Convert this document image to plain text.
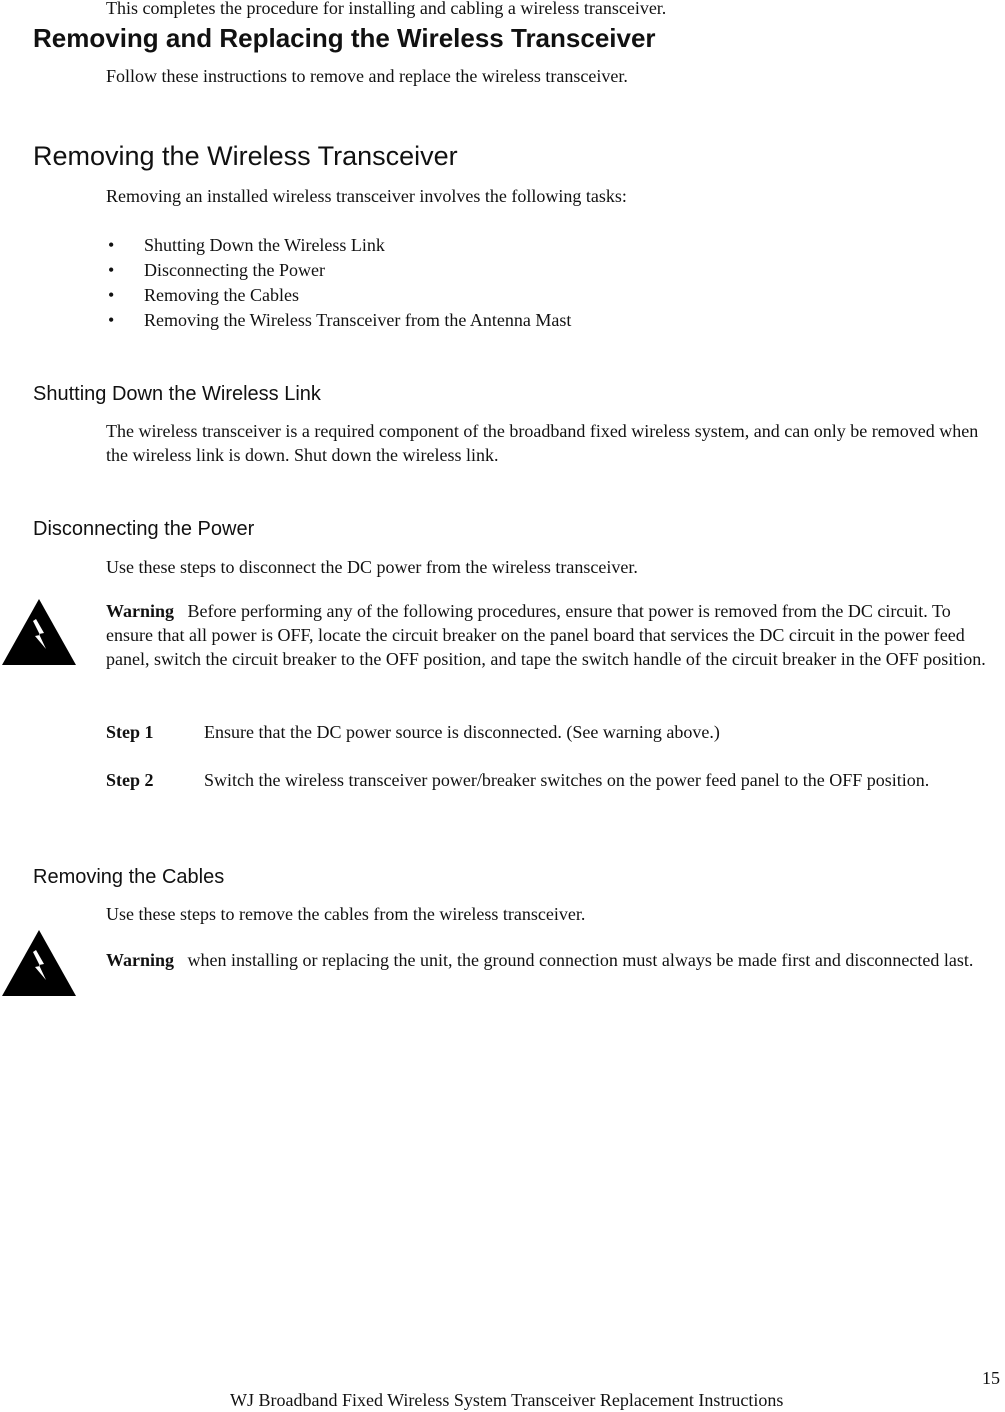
This completes the procedure for installing and cabling a wireless transceiver.
Removing and Replacing the Wireless Transceiver
Follow these instructions to remove and replace the wireless transceiver.
Removing the Wireless Transceiver
Removing an installed wireless transceiver involves the following tasks:
• Shutting Down the Wireless Link
• Disconnecting the Power
• Removing the Cables
• Removing the Wireless Transceiver from the Antenna Mast
Shutting Down the Wireless Link
The wireless transceiver is a required component of the broadband fixed wireless system, and can only be removed when the wireless link is down. Shut down the wireless link.
Disconnecting the Power
Use these steps to disconnect the DC power from the wireless transceiver.
Warning Before performing any of the following procedures, ensure that power is removed from the DC circuit. To ensure that all power is OFF, locate the circuit breaker on the panel board that services the DC circuit in the power feed panel, switch the circuit breaker to the OFF position, and tape the switch handle of the circuit breaker in the OFF position.
Step 1	Ensure that the DC power source is disconnected. (See warning above.)
Step 2	Switch the wireless transceiver power/breaker switches on the power feed panel to the OFF position.
Removing the Cables
Use these steps to remove the cables from the wireless transceiver.
Warning when installing or replacing the unit, the ground connection must always be made first and disconnected last.
15
WJ Broadband Fixed Wireless System Transceiver Replacement Instructions
